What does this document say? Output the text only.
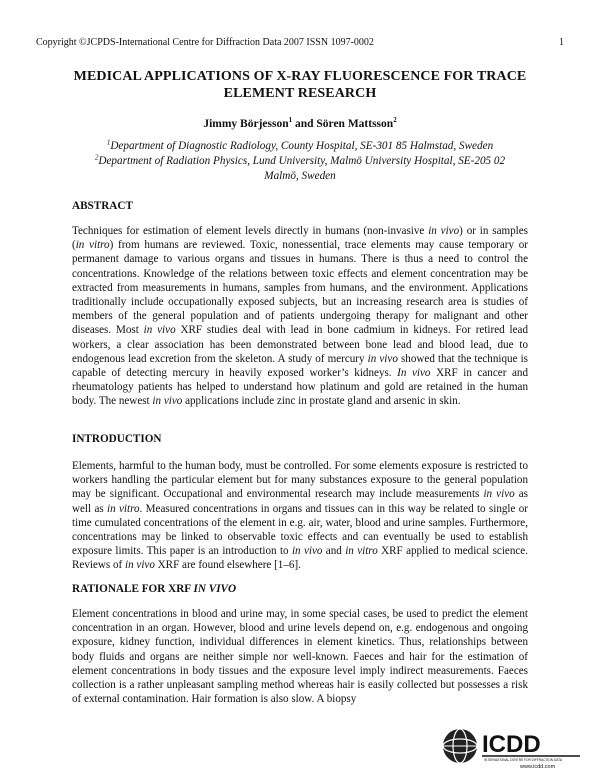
Copyright ©JCPDS-International Centre for Diffraction Data 2007 ISSN 1097-0002	1
MEDICAL APPLICATIONS OF X-RAY FLUORESCENCE FOR TRACE
ELEMENT RESEARCH
Jimmy Börjesson$^1$ and Sören Mattsson$^2$
$^1$Department of Diagnostic Radiology, County Hospital, SE-301 85 Halmstad, Sweden
$^2$Department of Radiation Physics, Lund University, Malmö University Hospital, SE-205 02
Malmö, Sweden
ABSTRACT
Techniques for estimation of element levels directly in humans (non-invasive in vivo) or in samples (in vitro) from humans are reviewed. Toxic, nonessential, trace elements may cause temporary or permanent damage to various organs and tissues in humans. There is thus a need to control the concentrations. Knowledge of the relations between toxic effects and element concentration may be extracted from measurements in humans, samples from humans, and the environment. Applications traditionally include occupationally exposed subjects, but an increasing research area is studies of members of the general population and of patients undergoing therapy for malignant and other diseases. Most in vivo XRF studies deal with lead in bone cadmium in kidneys. For retired lead workers, a clear association has been demonstrated between bone lead and blood lead, due to endogenous lead excretion from the skeleton. A study of mercury in vivo showed that the technique is capable of detecting mercury in heavily exposed worker’s kidneys. In vivo XRF in cancer and rheumatology patients has helped to understand how platinum and gold are retained in the human body. The newest in vivo applications include zinc in prostate gland and arsenic in skin.
INTRODUCTION
Elements, harmful to the human body, must be controlled. For some elements exposure is restricted to workers handling the particular element but for many substances exposure to the general population may be significant. Occupational and environmental research may include measurements in vivo as well as in vitro. Measured concentrations in organs and tissues can in this way be related to single or time cumulated concentrations of the element in e.g. air, water, blood and urine samples. Furthermore, concentrations may be linked to observable toxic effects and can eventually be used to establish exposure limits. This paper is an introduction to in vivo and in vitro XRF applied to medical science. Reviews of in vivo XRF are found elsewhere [1–6].
RATIONALE FOR XRF IN VIVO
Element concentrations in blood and urine may, in some special cases, be used to predict the element concentration in an organ. However, blood and urine levels depend on, e.g. endogenous and ongoing exposure, kidney function, individual differences in element kinetics. Thus, relationships between body fluids and organs are neither simple nor well-known. Faeces and hair for the estimation of element concentrations in body tissues and the exposure level imply indirect measurements. Faeces collection is a rather unpleasant sampling method whereas hair is easily collected but possesses a risk of external contamination. Hair formation is also slow. A biopsy
ICDD
INTERNATIONAL CENTRE FOR DIFFRACTION DATA
www.icdd.com
